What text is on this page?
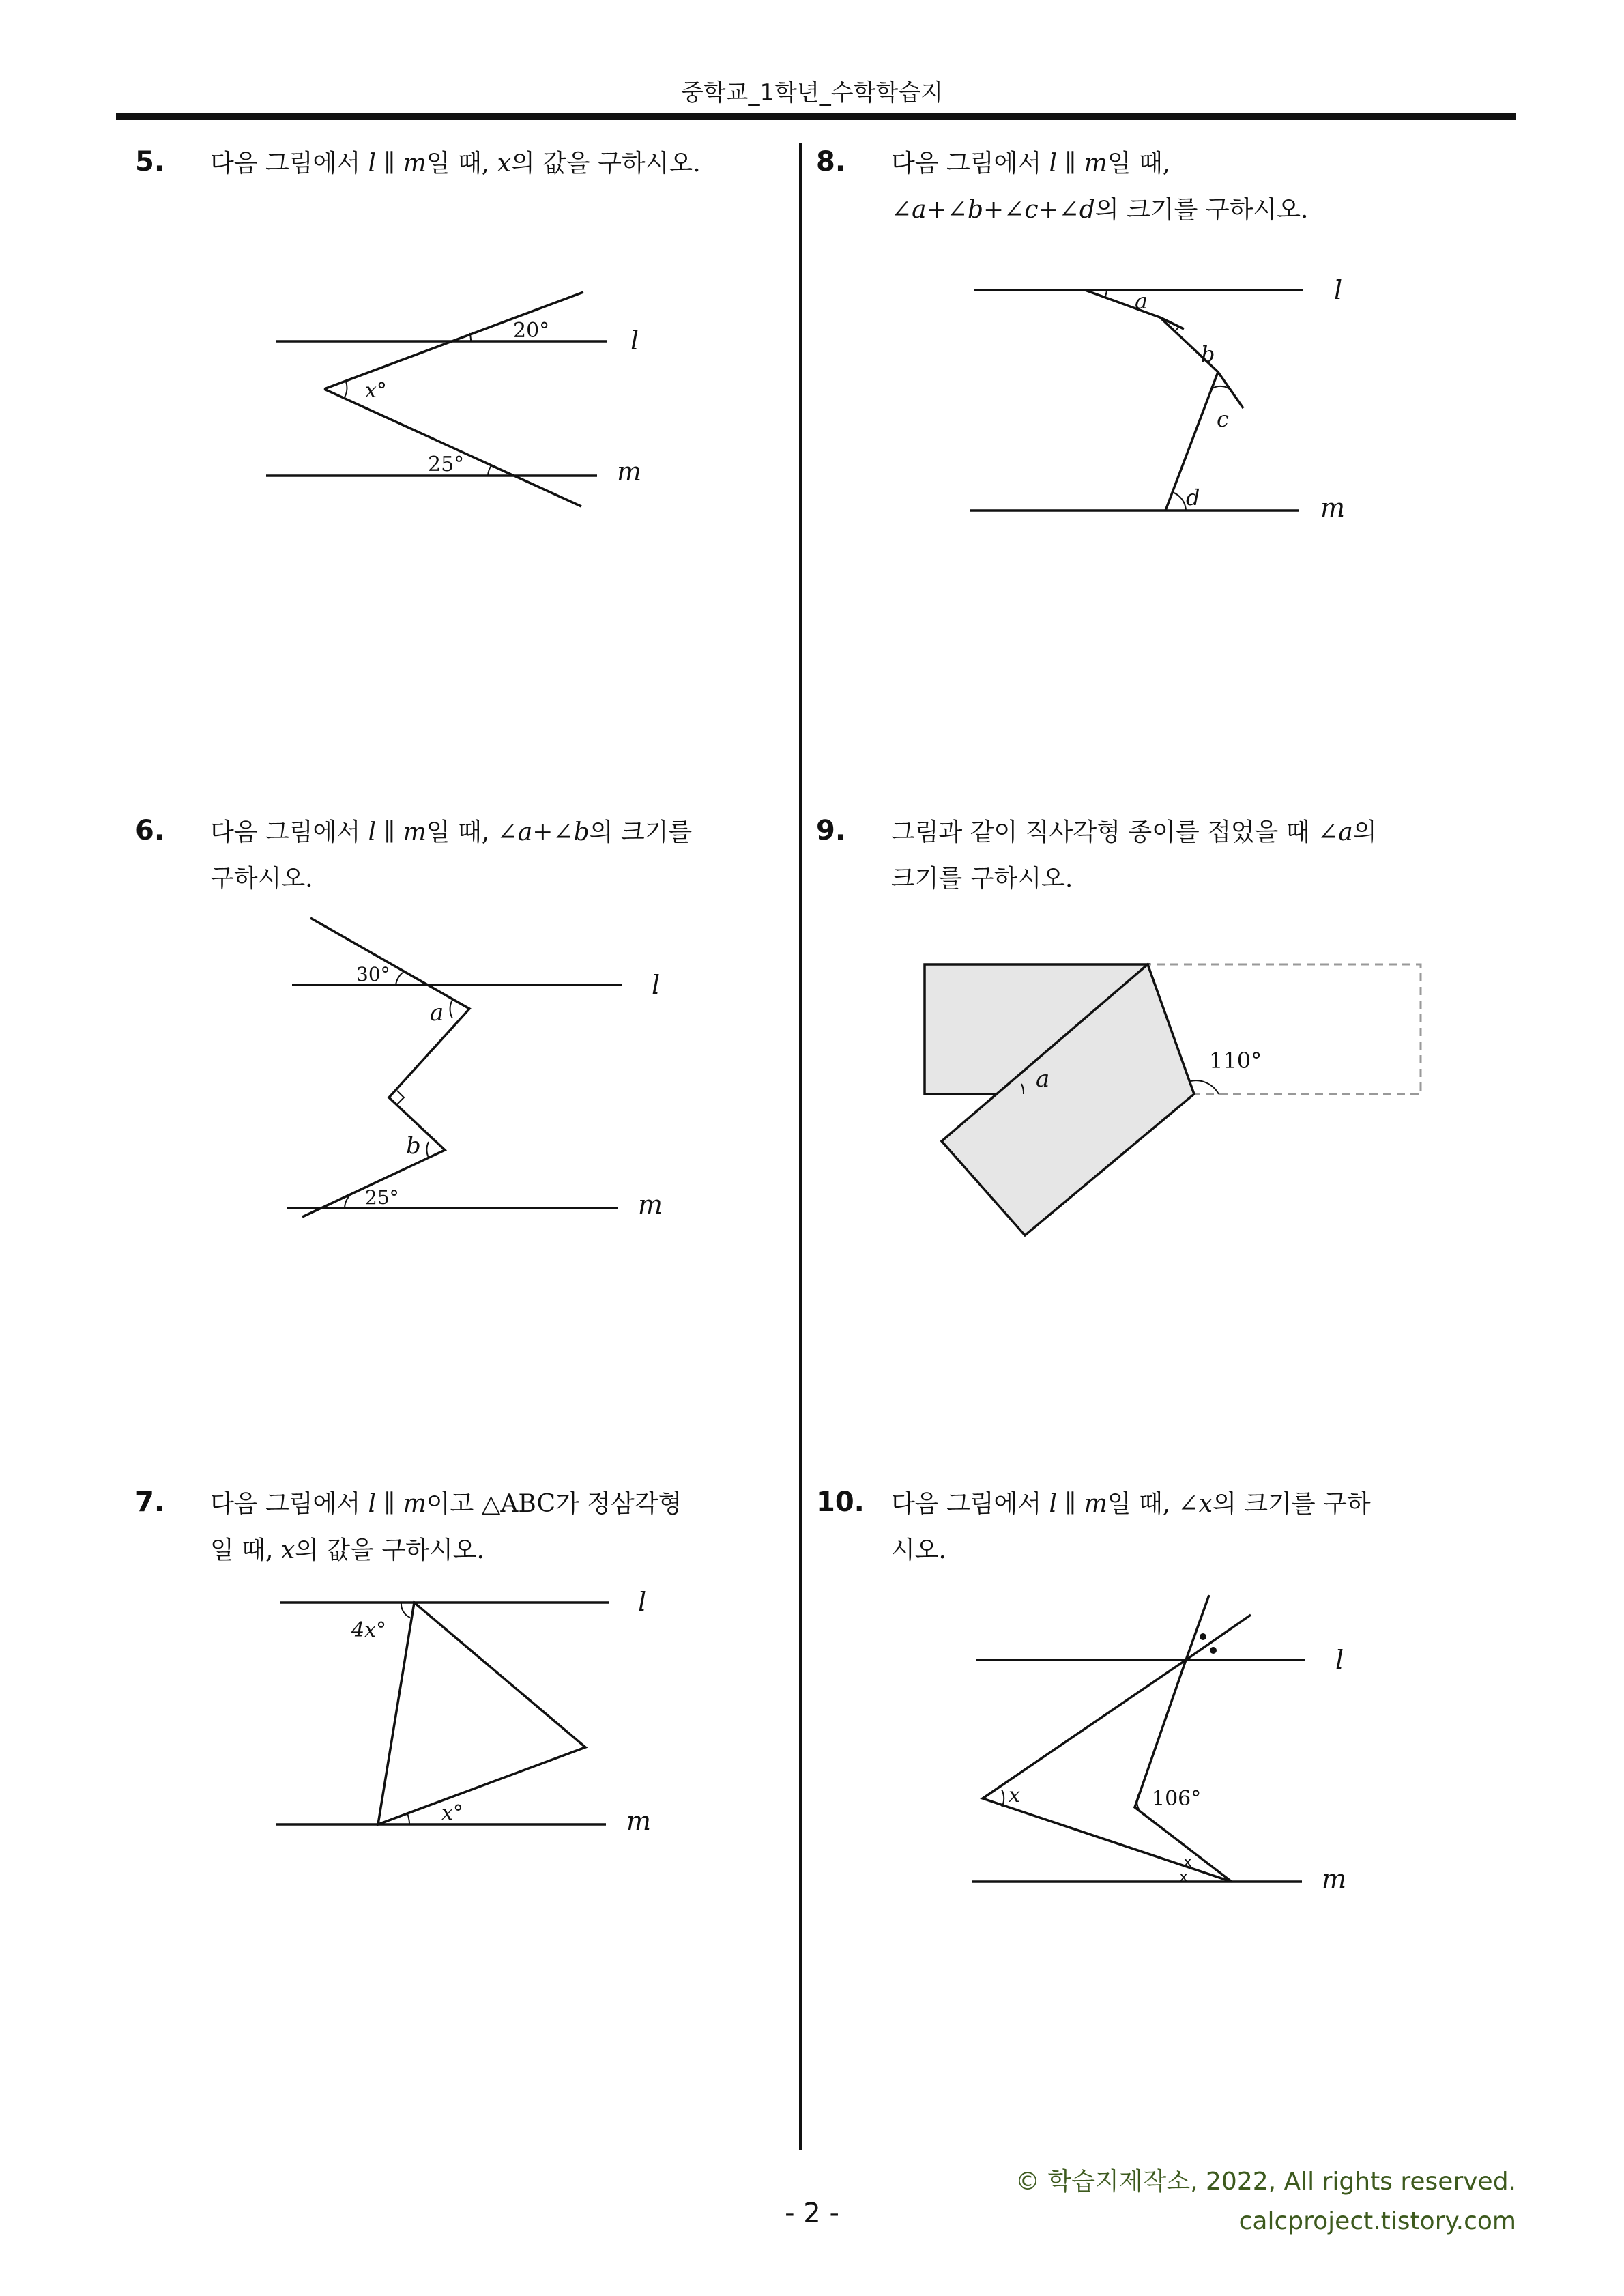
중학교_1학년_수학학습지
5. 다음 그림에서 l ∥ m일 때, x의 값을 구하시오.
l
m
20°
25°
x°
6. 다음 그림에서 l ∥ m일 때, ∠a+∠b의 크기를
구하시오.
l
m
30°
25°
a
b
7. 다음 그림에서 l ∥ m이고 △ABC가 정삼각형
일 때, x의 값을 구하시오.
l
m
4x°
x°
8. 다음 그림에서 l ∥ m일 때,
∠a+∠b+∠c+∠d의 크기를 구하시오.
l
m
a
b
c
d
9. 그림과 같이 직사각형 종이를 접었을 때 ∠a의
크기를 구하시오.
a
110°
10. 다음 그림에서 l ∥ m일 때, ∠x의 크기를 구하
시오.
l
m
x	106°
x
x
- 2 -
© 학습지제작소, 2022, All rights reserved.
calcproject.tistory.com
